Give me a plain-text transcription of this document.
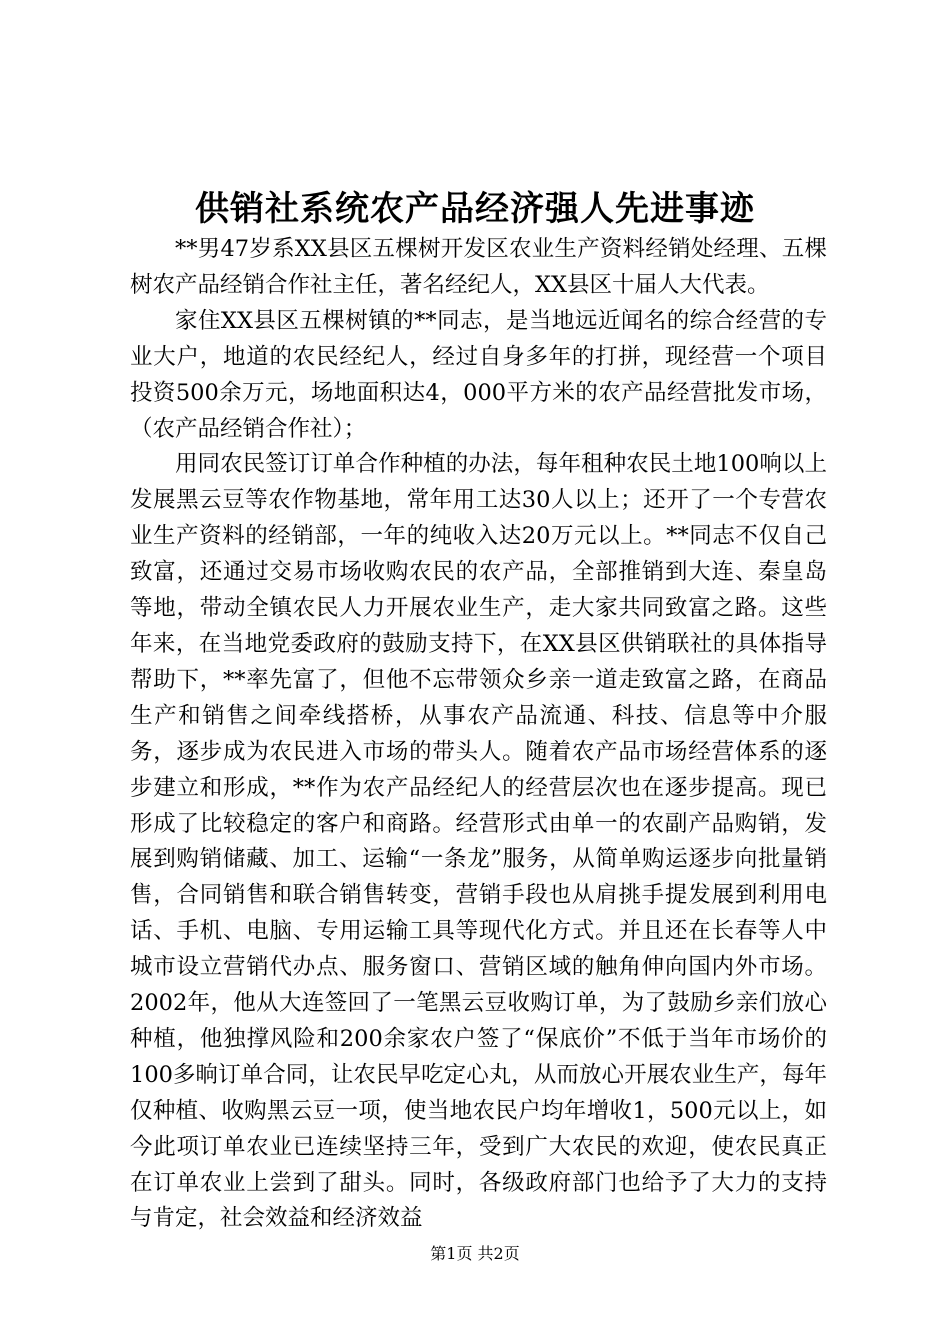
供销社系统农产品经济强人先进事迹

**男47岁系XX县区五棵树开发区农业生产资料经销处经理、五棵树农产品经销合作社主任，著名经纪人，XX县区十届人大代表。

家住XX县区五棵树镇的**同志，是当地远近闻名的综合经营的专业大户，地道的农民经纪人，经过自身多年的打拼，现经营一个项目投资500余万元，场地面积达4，000平方米的农产品经营批发市场，（农产品经销合作社）；

用同农民签订订单合作种植的办法，每年租种农民土地100响以上发展黑云豆等农作物基地，常年用工达30人以上；还开了一个专营农业生产资料的经销部，一年的纯收入达20万元以上。**同志不仅自己致富，还通过交易市场收购农民的农产品，全部推销到大连、秦皇岛等地，带动全镇农民人力开展农业生产，走大家共同致富之路。这些年来，在当地党委政府的鼓励支持下，在XX县区供销联社的具体指导帮助下，**率先富了，但他不忘带领众乡亲一道走致富之路，在商品生产和销售之间牵线搭桥，从事农产品流通、科技、信息等中介服务，逐步成为农民进入市场的带头人。随着农产品市场经营体系的逐步建立和形成，**作为农产品经纪人的经营层次也在逐步提高。现已形成了比较稳定的客户和商路。经营形式由单一的农副产品购销，发展到购销储藏、加工、运输“一条龙”服务，从简单购运逐步向批量销售，合同销售和联合销售转变，营销手段也从肩挑手提发展到利用电话、手机、电脑、专用运输工具等现代化方式。并且还在长春等人中城市设立营销代办点、服务窗口、营销区域的触角伸向国内外市场。2002年，他从大连签回了一笔黑云豆收购订单，为了鼓励乡亲们放心种植，他独撑风险和200余家农户签了“保底价”不低于当年市场价的100多晌订单合同，让农民早吃定心丸，从而放心开展农业生产，每年仅种植、收购黑云豆一项，使当地农民户均年增收1，500元以上，如今此项订单农业已连续坚持三年，受到广大农民的欢迎，使农民真正在订单农业上尝到了甜头。同时，各级政府部门也给予了大力的支持与肯定，社会效益和经济效益

第1页 共2页
